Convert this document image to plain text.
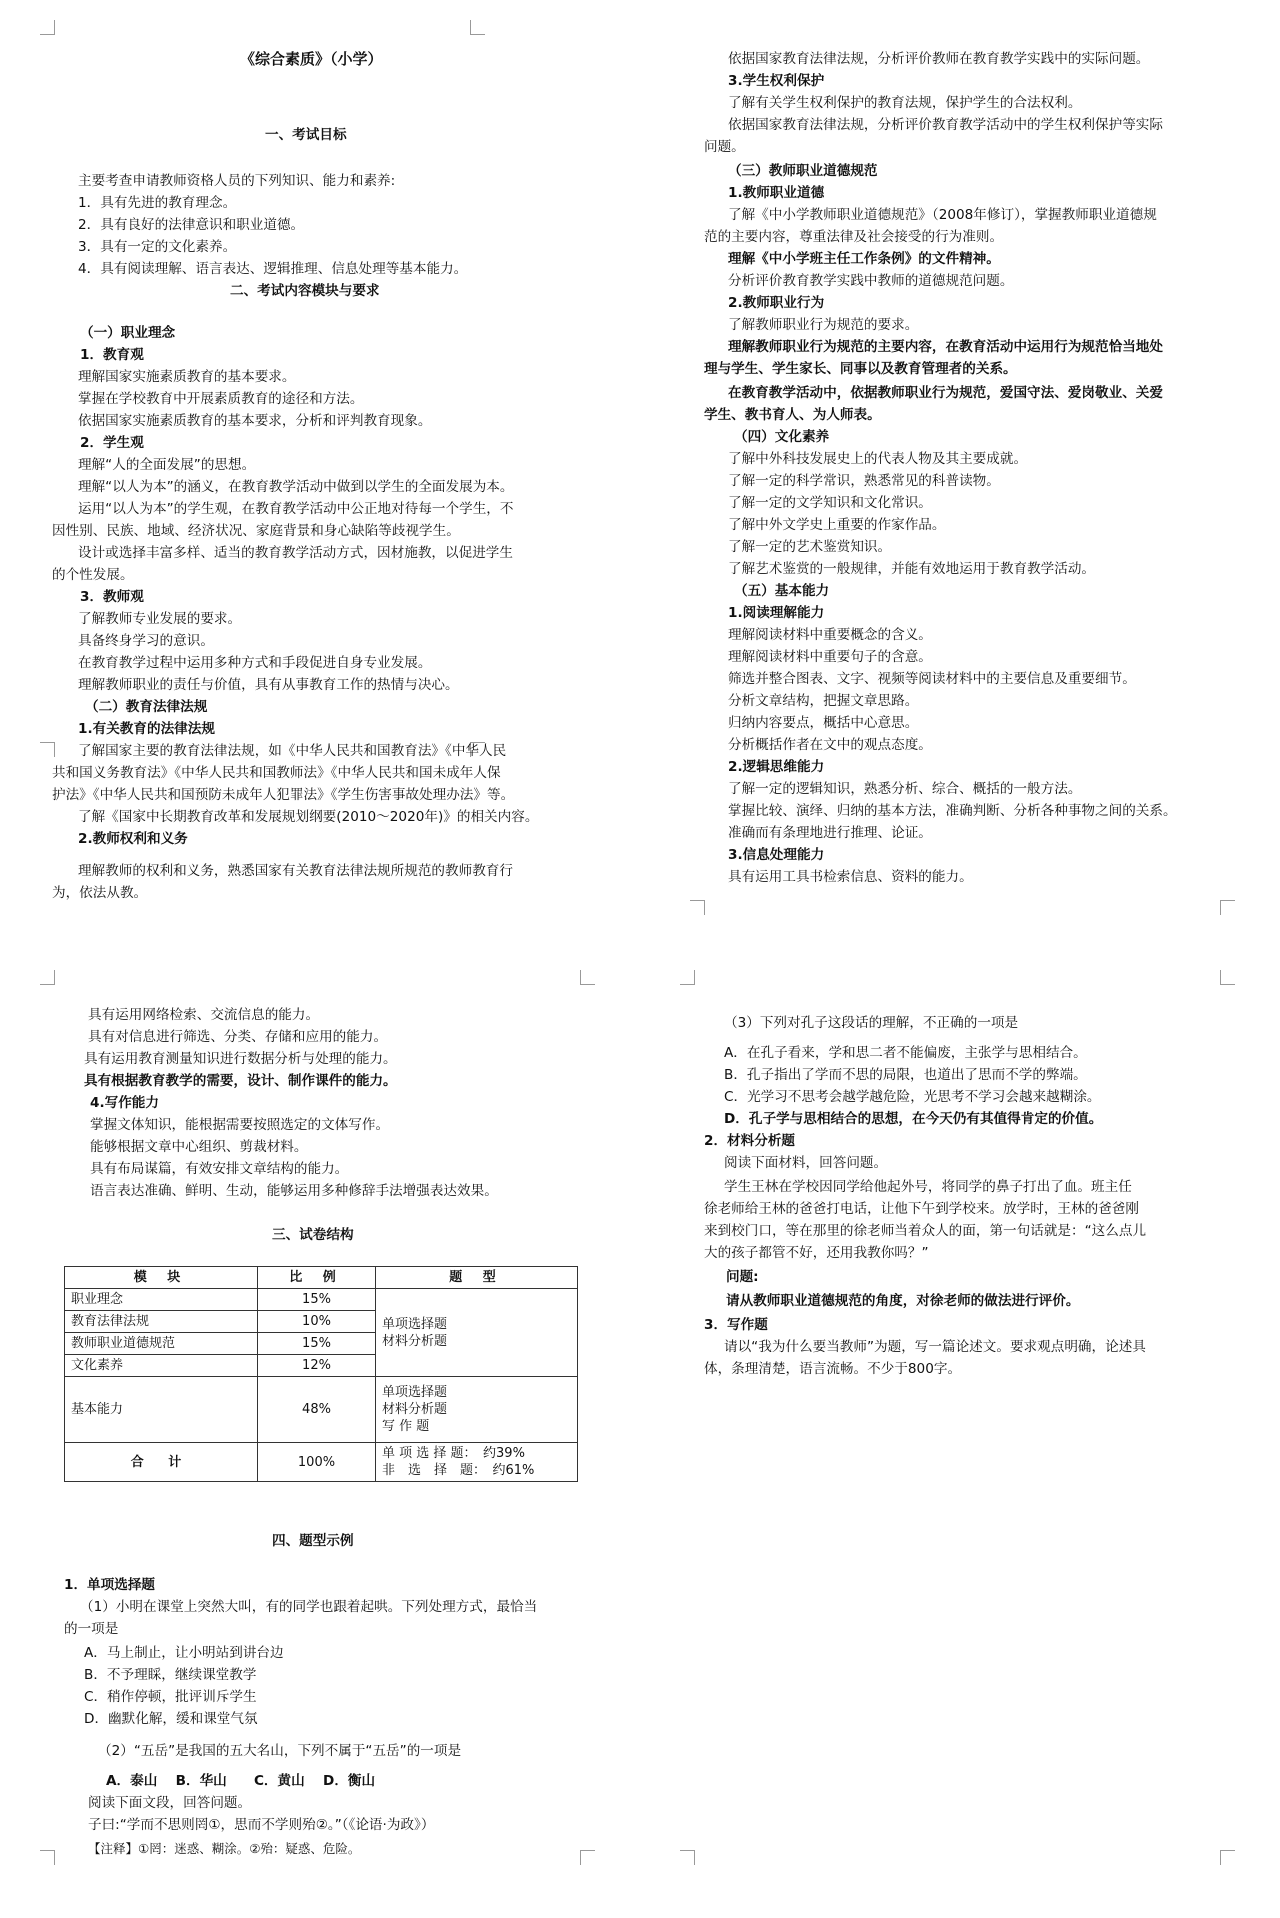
《综合素质》（小学）
一、考试目标
主要考查申请教师资格人员的下列知识、能力和素养:
1．具有先进的教育理念。
2．具有良好的法律意识和职业道德。
3．具有一定的文化素养。
4．具有阅读理解、语言表达、逻辑推理、信息处理等基本能力。
二、考试内容模块与要求
（一）职业理念
1．教育观
理解国家实施素质教育的基本要求。
掌握在学校教育中开展素质教育的途径和方法。
依据国家实施素质教育的基本要求，分析和评判教育现象。
2．学生观
理解“人的全面发展”的思想。
理解“以人为本”的涵义，在教育教学活动中做到以学生的全面发展为本。
运用“以人为本”的学生观，在教育教学活动中公正地对待每一个学生，不
因性别、民族、地域、经济状况、家庭背景和身心缺陷等歧视学生。
设计或选择丰富多样、适当的教育教学活动方式，因材施教，以促进学生
的个性发展。
3．教师观
了解教师专业发展的要求。
具备终身学习的意识。
在教育教学过程中运用多种方式和手段促进自身专业发展。
理解教师职业的责任与价值，具有从事教育工作的热情与决心。
（二）教育法律法规
1.有关教育的法律法规
了解国家主要的教育法律法规，如《中华人民共和国教育法》《中华人民
共和国义务教育法》《中华人民共和国教师法》《中华人民共和国未成年人保
护法》《中华人民共和国预防未成年人犯罪法》《学生伤害事故处理办法》等。
了解《国家中长期教育改革和发展规划纲要(2010～2020年)》的相关内容。
2.教师权利和义务
理解教师的权利和义务，熟悉国家有关教育法律法规所规范的教师教育行
为，依法从教。
依据国家教育法律法规，分析评价教师在教育教学实践中的实际问题。
3.学生权利保护
了解有关学生权利保护的教育法规，保护学生的合法权利。
依据国家教育法律法规，分析评价教育教学活动中的学生权利保护等实际
问题。
（三）教师职业道德规范
1.教师职业道德
了解《中小学教师职业道德规范》（2008年修订），掌握教师职业道德规
范的主要内容，尊重法律及社会接受的行为准则。
理解《中小学班主任工作条例》的文件精神。
分析评价教育教学实践中教师的道德规范问题。
2.教师职业行为
了解教师职业行为规范的要求。
理解教师职业行为规范的主要内容，在教育活动中运用行为规范恰当地处
理与学生、学生家长、同事以及教育管理者的关系。
在教育教学活动中，依据教师职业行为规范，爱国守法、爱岗敬业、关爱
学生、教书育人、为人师表。
（四）文化素养
了解中外科技发展史上的代表人物及其主要成就。
了解一定的科学常识，熟悉常见的科普读物。
了解一定的文学知识和文化常识。
了解中外文学史上重要的作家作品。
了解一定的艺术鉴赏知识。
了解艺术鉴赏的一般规律，并能有效地运用于教育教学活动。
（五）基本能力
1.阅读理解能力
理解阅读材料中重要概念的含义。
理解阅读材料中重要句子的含意。
筛选并整合图表、文字、视频等阅读材料中的主要信息及重要细节。
分析文章结构，把握文章思路。
归纳内容要点，概括中心意思。
分析概括作者在文中的观点态度。
2.逻辑思维能力
了解一定的逻辑知识，熟悉分析、综合、概括的一般方法。
掌握比较、演绎、归纳的基本方法，准确判断、分析各种事物之间的关系。
准确而有条理地进行推理、论证。
3.信息处理能力
具有运用工具书检索信息、资料的能力。
具有运用网络检索、交流信息的能力。
具有对信息进行筛选、分类、存储和应用的能力。
具有运用教育测量知识进行数据分析与处理的能力。
具有根据教育教学的需要，设计、制作课件的能力。
4.写作能力
掌握文体知识，能根据需要按照选定的文体写作。
能够根据文章中心组织、剪裁材料。
具有布局谋篇，有效安排文章结构的能力。
语言表达准确、鲜明、生动，能够运用多种修辞手法增强表达效果。
三、试卷结构
模 块	比 例	题 型
职业理念	15%	单项选择题
材料分析题

教育法律法规	10%	
教师职业道德规范	15%	
文化素养	12%	
基本能力	48%	单项选择题
材料分析题
写 作 题

合 计	100%	单 项 选 择 题：　约39%
非　选　择　题：　约61%
四、题型示例
1．单项选择题
（1）小明在课堂上突然大叫，有的同学也跟着起哄。下列处理方式，最恰当
的一项是
A．马上制止，让小明站到讲台边
B．不予理睬，继续课堂教学
C．稍作停顿，批评训斥学生
D．幽默化解，缓和课堂气氛
（2）“五岳”是我国的五大名山，下列不属于“五岳”的一项是
A．泰山　 B．华山　　C．黄山　 D．衡山
阅读下面文段，回答问题。
子曰:“学而不思则罔①，思而不学则殆②。”（《论语·为政》）
【注释】①罔：迷惑、糊涂。②殆：疑惑、危险。
（3）下列对孔子这段话的理解，不正确的一项是
A．在孔子看来，学和思二者不能偏废，主张学与思相结合。
B．孔子指出了学而不思的局限，也道出了思而不学的弊端。
C．光学习不思考会越学越危险，光思考不学习会越来越糊涂。
D．孔子学与思相结合的思想，在今天仍有其值得肯定的价值。
2．材料分析题
阅读下面材料，回答问题。
学生王林在学校因同学给他起外号，将同学的鼻子打出了血。班主任
徐老师给王林的爸爸打电话，让他下午到学校来。放学时，王林的爸爸刚
来到校门口，等在那里的徐老师当着众人的面，第一句话就是：“这么点儿
大的孩子都管不好，还用我教你吗？”
问题:
请从教师职业道德规范的角度，对徐老师的做法进行评价。
3．写作题
请以“我为什么要当教师”为题，写一篇论述文。要求观点明确，论述具
体，条理清楚，语言流畅。不少于800字。
